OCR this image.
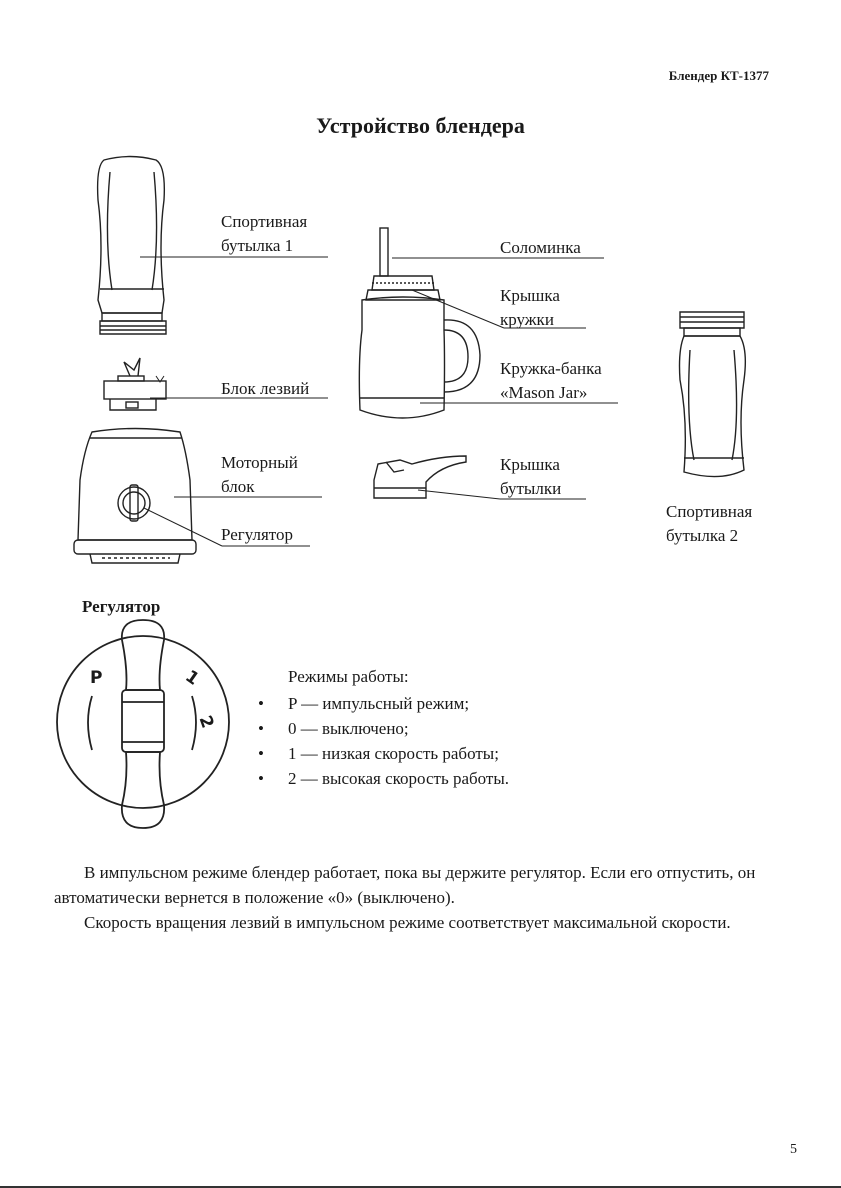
Блендер КТ-1377
Устройство блендера
Спортивная
бутылка 1
Блок лезвий
Моторный
блок
Регулятор
Соломинка
Крышка
кружки
Кружка-банка
«Mason Jar»
Крышка
бутылки
Спортивная
бутылка 2
Регулятор
P	1
2
Режимы работы:
• P — импульсный режим;
• 0 — выключено;
• 1 — низкая скорость работы;
• 2 — высокая скорость работы.

В импульсном режиме блендер работает, пока вы держите регулятор. Если его отпустить, он автоматически вернется в положение «0» (выключено).

Скорость вращения лезвий в импульсном режиме соответствует максимальной скорости.

5
